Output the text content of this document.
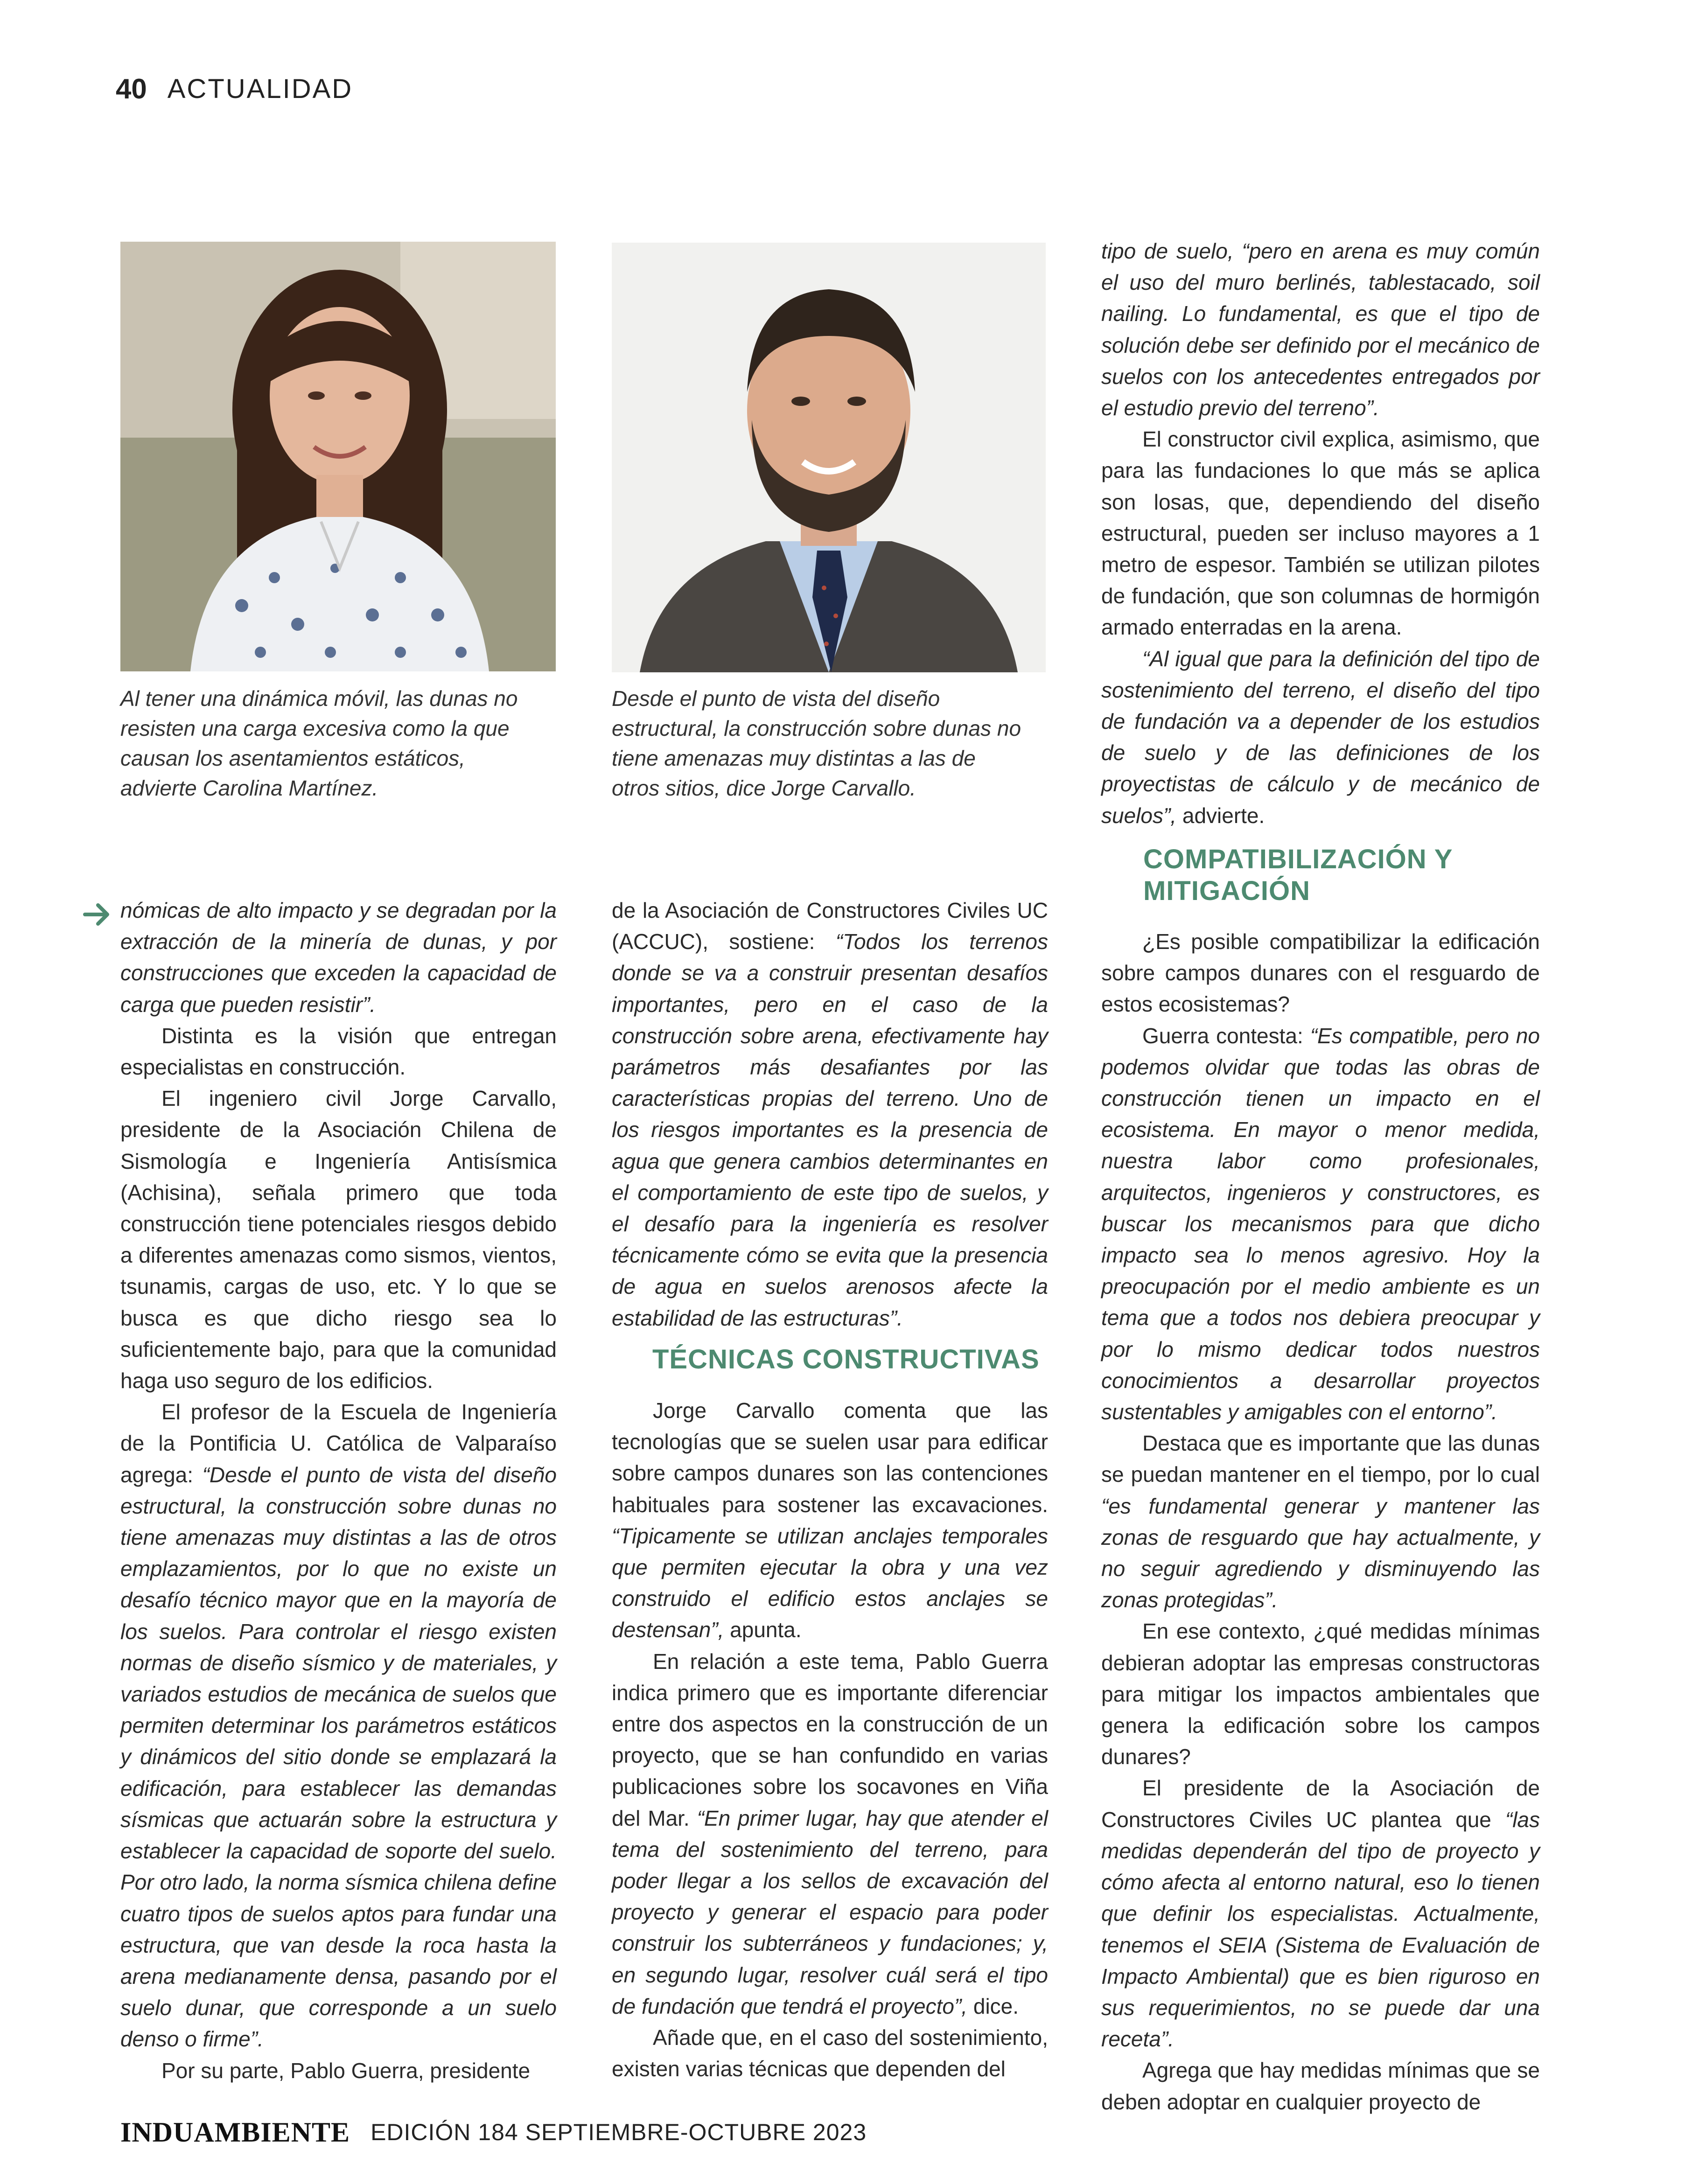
40 ACTUALIDAD
Al tener una dinámica móvil, las dunas no resisten una carga excesiva como la que causan los asentamientos estáticos, advierte Carolina Martínez.
Desde el punto de vista del diseño estructural, la construcción sobre dunas no tiene amenazas muy distintas a las de otros sitios, dice Jorge Carvallo.

tipo de suelo, “pero en arena es muy común el uso del muro berlinés, tablestacado, soil nailing. Lo fundamental, es que el tipo de solución debe ser definido por el mecánico de suelos con los antecedentes entregados por el estudio previo del terreno”.

El constructor civil explica, asimismo, que para las fundaciones lo que más se aplica son losas, que, dependiendo del diseño estructural, pueden ser incluso mayores a 1 metro de espesor. También se utilizan pilotes de fundación, que son columnas de hormigón armado enterradas en la arena.

“Al igual que para la definición del tipo de sostenimiento del terreno, el diseño del tipo de fundación va a depender de los estudios de suelo y de las definiciones de los proyectistas de cálculo y de mecánico de suelos”, advierte.

nómicas de alto impacto y se degradan por la extracción de la minería de dunas, y por construcciones que exceden la capacidad de carga que pueden resistir”.

Distinta es la visión que entregan especialistas en construcción.

El ingeniero civil Jorge Carvallo, presidente de la Asociación Chilena de Sismología e Ingeniería Antisísmica (Achisina), señala primero que toda construcción tiene potenciales riesgos debido a diferentes amenazas como sismos, vientos, tsunamis, cargas de uso, etc. Y lo que se busca es que dicho riesgo sea lo suficientemente bajo, para que la comunidad haga uso seguro de los edificios.

El profesor de la Escuela de Ingeniería de la Pontificia U. Católica de Valparaíso agrega: “Desde el punto de vista del diseño estructural, la construcción sobre dunas no tiene amenazas muy distintas a las de otros emplazamientos, por lo que no existe un desafío técnico mayor que en la mayoría de los suelos. Para controlar el riesgo existen normas de diseño sísmico y de materiales, y variados estudios de mecánica de suelos que permiten determinar los parámetros estáticos y dinámicos del sitio donde se emplazará la edificación, para establecer las demandas sísmicas que actuarán sobre la estructura y establecer la capacidad de soporte del suelo. Por otro lado, la norma sísmica chilena define cuatro tipos de suelos aptos para fundar una estructura, que van desde la roca hasta la arena medianamente densa, pasando por el suelo dunar, que corresponde a un suelo denso o firme”.

Por su parte, Pablo Guerra, presidente

de la Asociación de Constructores Civiles UC (ACCUC), sostiene: “Todos los terrenos donde se va a construir presentan desafíos importantes, pero en el caso de la construcción sobre arena, efectivamente hay parámetros más desafiantes por las características propias del terreno. Uno de los riesgos importantes es la presencia de agua que genera cambios determinantes en el comportamiento de este tipo de suelos, y el desafío para la ingeniería es resolver técnicamente cómo se evita que la presencia de agua en suelos arenosos afecte la estabilidad de las estructuras”.

TÉCNICAS CONSTRUCTIVAS

Jorge Carvallo comenta que las tecnologías que se suelen usar para edificar sobre campos dunares son las contenciones habituales para sostener las excavaciones. “Tipicamente se utilizan anclajes temporales que permiten ejecutar la obra y una vez construido el edificio estos anclajes se destensan”, apunta.

En relación a este tema, Pablo Guerra indica primero que es importante diferenciar entre dos aspectos en la construcción de un proyecto, que se han confundido en varias publicaciones sobre los socavones en Viña del Mar. “En primer lugar, hay que atender el tema del sostenimiento del terreno, para poder llegar a los sellos de excavación del proyecto y generar el espacio para poder construir los subterráneos y fundaciones; y, en segundo lugar, resolver cuál será el tipo de fundación que tendrá el proyecto”, dice.

Añade que, en el caso del sostenimiento, existen varias técnicas que dependen del

COMPATIBILIZACIÓN Y MITIGACIÓN

¿Es posible compatibilizar la edificación sobre campos dunares con el resguardo de estos ecosistemas?

Guerra contesta: “Es compatible, pero no podemos olvidar que todas las obras de construcción tienen un impacto en el ecosistema. En mayor o menor medida, nuestra labor como profesionales, arquitectos, ingenieros y constructores, es buscar los mecanismos para que dicho impacto sea lo menos agresivo. Hoy la preocupación por el medio ambiente es un tema que a todos nos debiera preocupar y por lo mismo dedicar todos nuestros conocimientos a desarrollar proyectos sustentables y amigables con el entorno”.

Destaca que es importante que las dunas se puedan mantener en el tiempo, por lo cual “es fundamental generar y mantener las zonas de resguardo que hay actualmente, y no seguir agrediendo y disminuyendo las zonas protegidas”.

En ese contexto, ¿qué medidas mínimas debieran adoptar las empresas constructoras para mitigar los impactos ambientales que genera la edificación sobre los campos dunares?

El presidente de la Asociación de Constructores Civiles UC plantea que “las medidas dependerán del tipo de proyecto y cómo afecta al entorno natural, eso lo tienen que definir los especialistas. Actualmente, tenemos el SEIA (Sistema de Evaluación de Impacto Ambiental) que es bien riguroso en sus requerimientos, no se puede dar una receta”.

Agrega que hay medidas mínimas que se deben adoptar en cualquier proyecto de

INDUAMBIENTE EDICIÓN 184 SEPTIEMBRE-OCTUBRE 2023
